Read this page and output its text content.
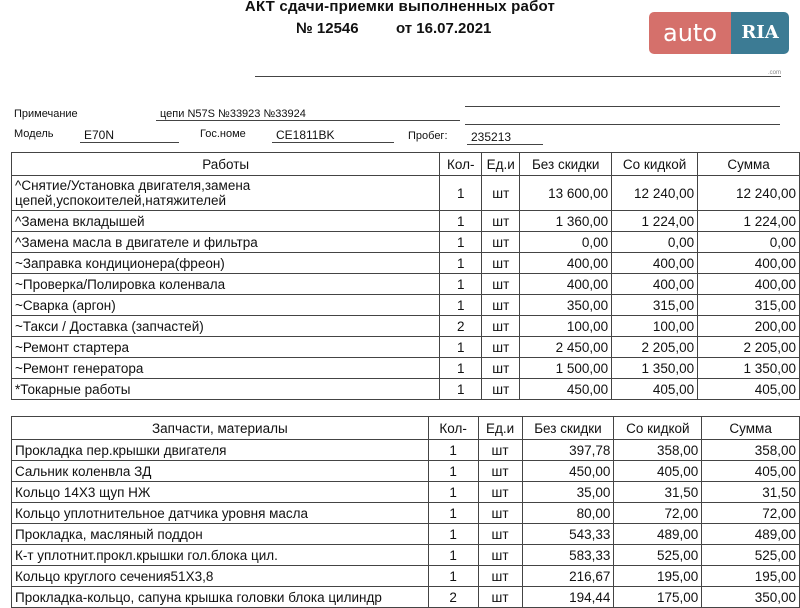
АКТ сдачи-приемки выполненных работ
№ 12546 от 16.07.2021	auto	RIA
.com
Примечание	цепи N57S №33923 №33924
Модель	E70N	Гос.номе	CE1811BK	Пробег:	235213
Работы	Кол-	Ед.и	Без скидки	Со кидкой	Сумма
^Снятие/Установка двигателя,замена цепей,успокоителей,натяжителей	1	шт	13 600,00	12 240,00	12 240,00
^Замена вкладышей	1	шт	1 360,00	1 224,00	1 224,00
^Замена масла в двигателе и фильтра	1	шт	0,00	0,00	0,00
~Заправка кондиционера(фреон)	1	шт	400,00	400,00	400,00
~Проверка/Полировка коленвала	1	шт	400,00	400,00	400,00
~Сварка (аргон)	1	шт	350,00	315,00	315,00
~Такси / Доставка (запчастей)	2	шт	100,00	100,00	200,00
~Ремонт стартера	1	шт	2 450,00	2 205,00	2 205,00
~Ремонт генератора	1	шт	1 500,00	1 350,00	1 350,00
*Токарные работы	1	шт	450,00	405,00	405,00
Запчасти, материалы	Кол-	Ед.и	Без скидки	Со кидкой	Сумма
Прокладка пер.крышки двигателя	1	шт	397,78	358,00	358,00
Сальник коленвла ЗД	1	шт	450,00	405,00	405,00
Кольцо 14Х3 щуп НЖ	1	шт	35,00	31,50	31,50
Кольцо уплотнительное датчика уровня масла	1	шт	80,00	72,00	72,00
Прокладка, масляный поддон	1	шт	543,33	489,00	489,00
К-т уплотнит.прокл.крышки гол.блока цил.	1	шт	583,33	525,00	525,00
Кольцо круглого сечения51Х3,8	1	шт	216,67	195,00	195,00
Прокладка-кольцо, сапуна крышка головки блока цилиндр	2	шт	194,44	175,00	350,00
